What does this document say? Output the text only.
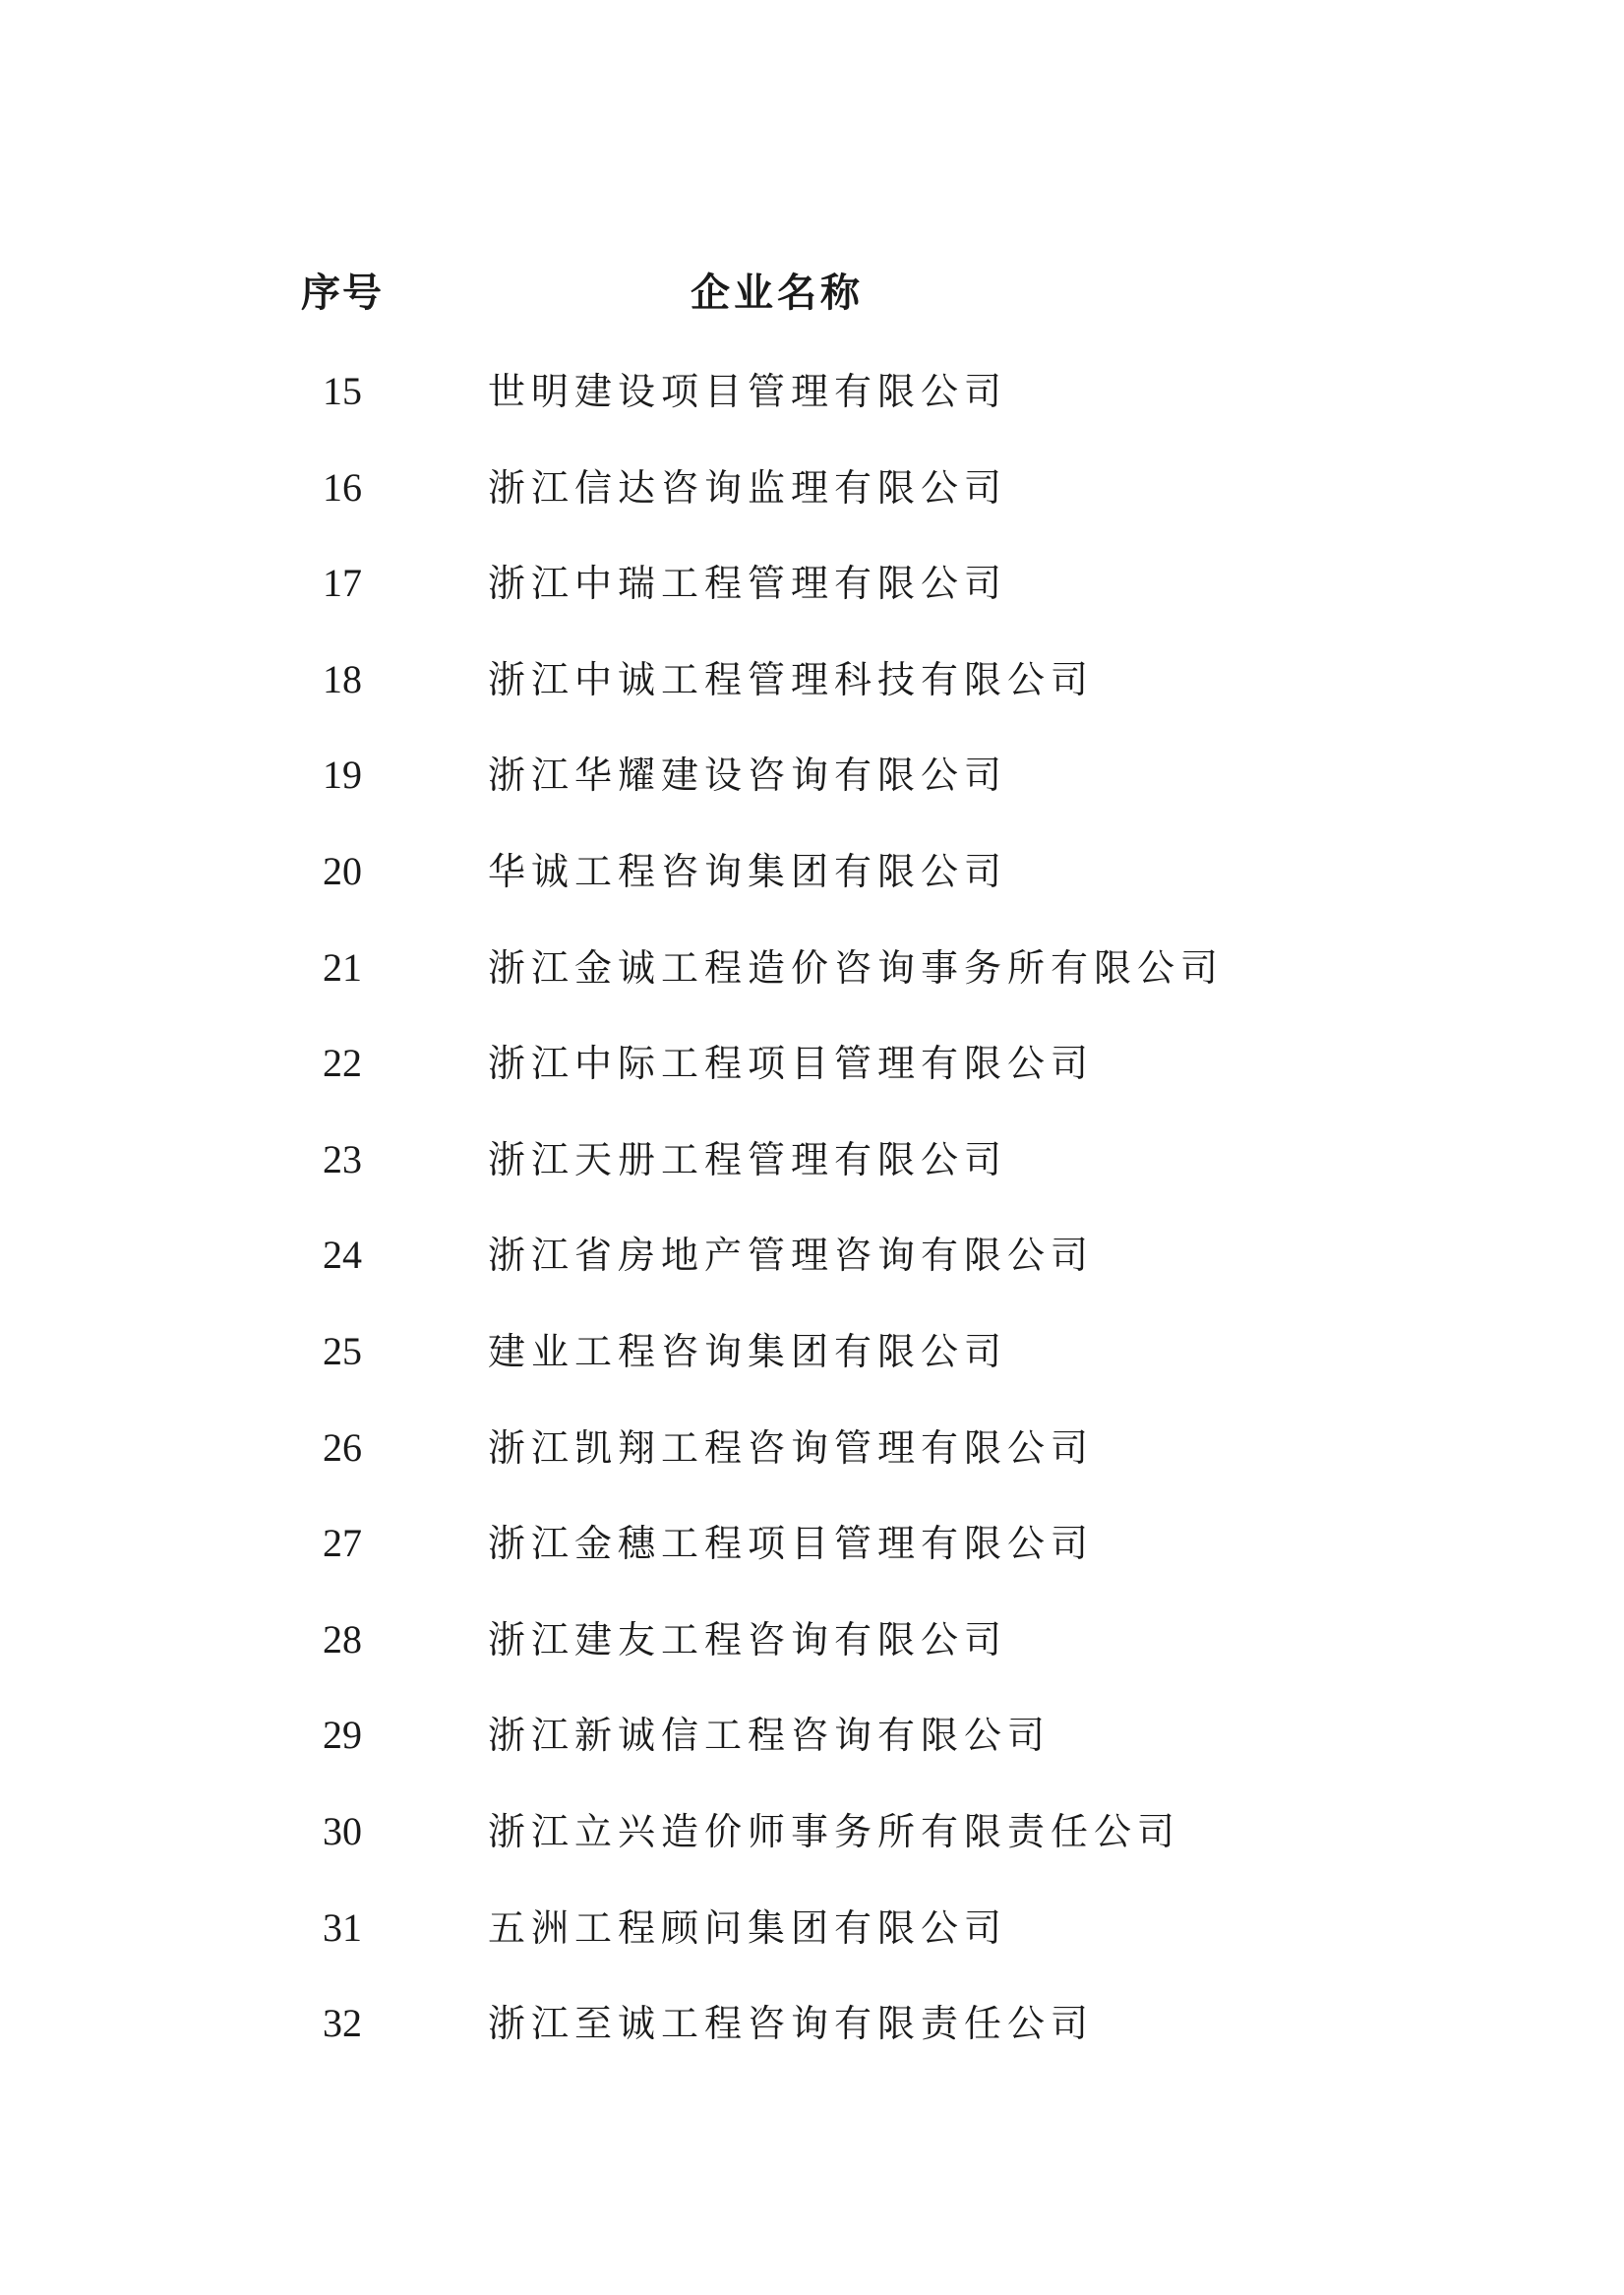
序号	企业名称
15	世明建设项目管理有限公司
16	浙江信达咨询监理有限公司
17	浙江中瑞工程管理有限公司
18	浙江中诚工程管理科技有限公司
19	浙江华耀建设咨询有限公司
20	华诚工程咨询集团有限公司
21	浙江金诚工程造价咨询事务所有限公司
22	浙江中际工程项目管理有限公司
23	浙江天册工程管理有限公司
24	浙江省房地产管理咨询有限公司
25	建业工程咨询集团有限公司
26	浙江凯翔工程咨询管理有限公司
27	浙江金穗工程项目管理有限公司
28	浙江建友工程咨询有限公司
29	浙江新诚信工程咨询有限公司
30	浙江立兴造价师事务所有限责任公司
31	五洲工程顾问集团有限公司
32	浙江至诚工程咨询有限责任公司
